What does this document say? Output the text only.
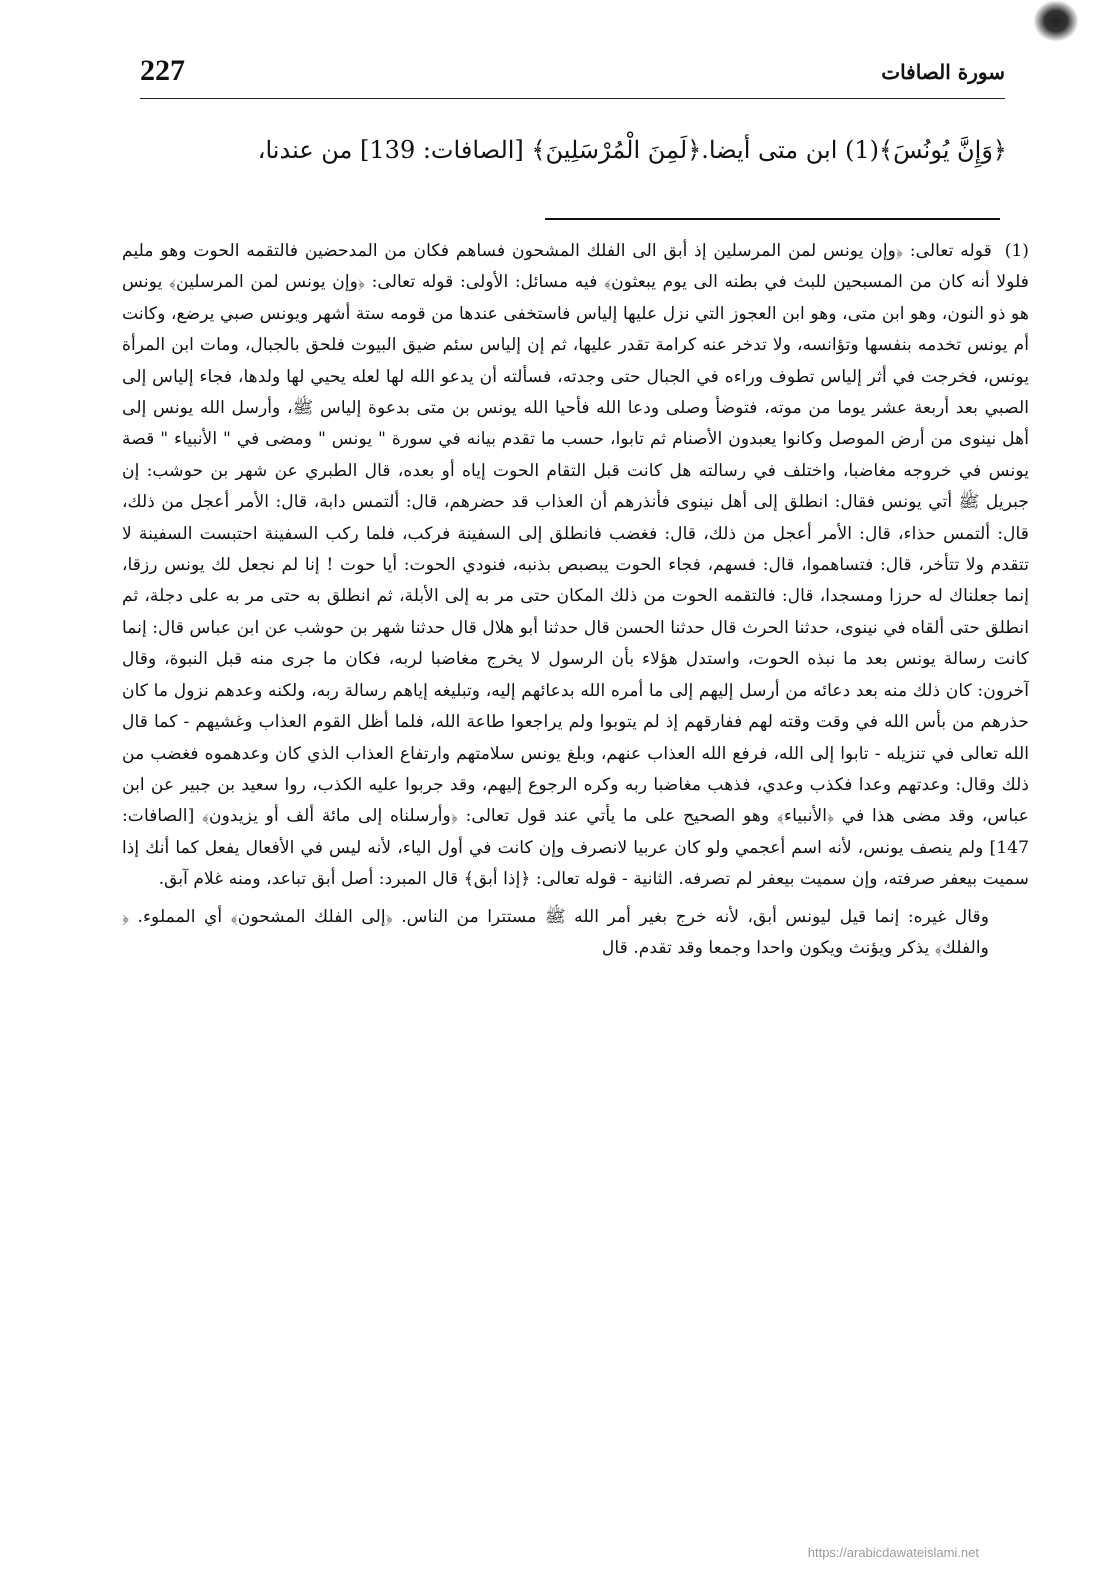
227	سورة الصافات
﴿وَإِنَّ يُونُسَ﴾(1) ابن متى أيضا.﴿لَمِنَ الْمُرْسَلِينَ﴾ [الصافات: 139] من عندنا،

(1) قوله تعالى: ﴿وإن يونس لمن المرسلين إذ أبق الى الفلك المشحون فساهم فكان من المدحضين فالتقمه الحوت وهو مليم فلولا أنه كان من المسبحين للبث في بطنه الى يوم يبعثون﴾ فيه مسائل: الأولى: قوله تعالى: ﴿وإن يونس لمن المرسلين﴾ يونس هو ذو النون، وهو ابن متى، وهو ابن العجوز التي نزل عليها إلياس فاستخفى عندها من قومه ستة أشهر ويونس صبي يرضع، وكانت أم يونس تخدمه بنفسها وتؤانسه، ولا تدخر عنه كرامة تقدر عليها، ثم إن إلياس سئم ضيق البيوت فلحق بالجبال، ومات ابن المرأة يونس، فخرجت في أثر إلياس تطوف وراءه في الجبال حتى وجدته، فسألته أن يدعو الله لها لعله يحيي لها ولدها، فجاء إلياس إلى الصبي بعد أربعة عشر يوما من موته، فتوضأ وصلى ودعا الله فأحيا الله يونس بن متى بدعوة إلياس ﷺ، وأرسل الله يونس إلى أهل نينوى من أرض الموصل وكانوا يعبدون الأصنام ثم تابوا، حسب ما تقدم بيانه في سورة " يونس " ومضى في " الأنبياء " قصة يونس في خروجه مغاضبا، واختلف في رسالته هل كانت قبل التقام الحوت إياه أو بعده، قال الطبري عن شهر بن حوشب: إن جبريل ﷺ أتي يونس فقال: انطلق إلى أهل نينوى فأنذرهم أن العذاب قد حضرهم، قال: ألتمس دابة، قال: الأمر أعجل من ذلك، قال: ألتمس حذاء، قال: الأمر أعجل من ذلك، قال: فغضب فانطلق إلى السفينة فركب، فلما ركب السفينة احتبست السفينة لا تتقدم ولا تتأخر، قال: فتساهموا، قال: فسهم، فجاء الحوت يبصبص بذنبه، فنودي الحوت: أيا حوت ! إنا لم نجعل لك يونس رزقا، إنما جعلناك له حرزا ومسجدا، قال: فالتقمه الحوت من ذلك المكان حتى مر به إلى الأبلة، ثم انطلق به حتى مر به على دجلة، ثم انطلق حتى ألقاه في نينوى، حدثنا الحرث قال حدثنا الحسن قال حدثنا أبو هلال قال حدثنا شهر بن حوشب عن ابن عباس قال: إنما كانت رسالة يونس بعد ما نبذه الحوت، واستدل هؤلاء بأن الرسول لا يخرج مغاضبا لربه، فكان ما جرى منه قبل النبوة، وقال آخرون: كان ذلك منه بعد دعائه من أرسل إليهم إلى ما أمره الله بدعائهم إليه، وتبليغه إياهم رسالة ربه، ولكنه وعدهم نزول ما كان حذرهم من بأس الله في وقت وقته لهم ففارقهم إذ لم يتوبوا ولم يراجعوا طاعة الله، فلما أظل القوم العذاب وغشيهم - كما قال الله تعالى في تنزيله - تابوا إلى الله، فرفع الله العذاب عنهم، وبلغ يونس سلامتهم وارتفاع العذاب الذي كان وعدهموه فغضب من ذلك وقال: وعدتهم وعدا فكذب وعدي، فذهب مغاضبا ربه وكره الرجوع إليهم، وقد جربوا عليه الكذب، روا سعيد بن جبير عن ابن عباس، وقد مضى هذا في ﴿الأنبياء﴾ وهو الصحيح على ما يأتي عند قول تعالى: ﴿وأرسلناه إلى مائة ألف أو يزيدون﴾ [الصافات: 147] ولم ينصف يونس، لأنه اسم أعجمي ولو كان عربيا لانصرف وإن كانت في أول الياء، لأنه ليس في الأفعال يفعل كما أنك إذا سميت بيعفر صرفته، وإن سميت بيعفر لم تصرفه. الثانية - قوله تعالى: ﴿إذا أبق﴾ قال المبرد: أصل أبق تباعد، ومنه غلام آبق.

وقال غيره: إنما قيل ليونس أبق، لأنه خرج بغير أمر الله ﷺ مستترا من الناس. ﴿إلى الفلك المشحون﴾ أي المملوء. ﴿ والفلك﴾ يذكر ويؤنث ويكون واحدا وجمعا وقد تقدم. قال

https://arabicdawateislami.net
